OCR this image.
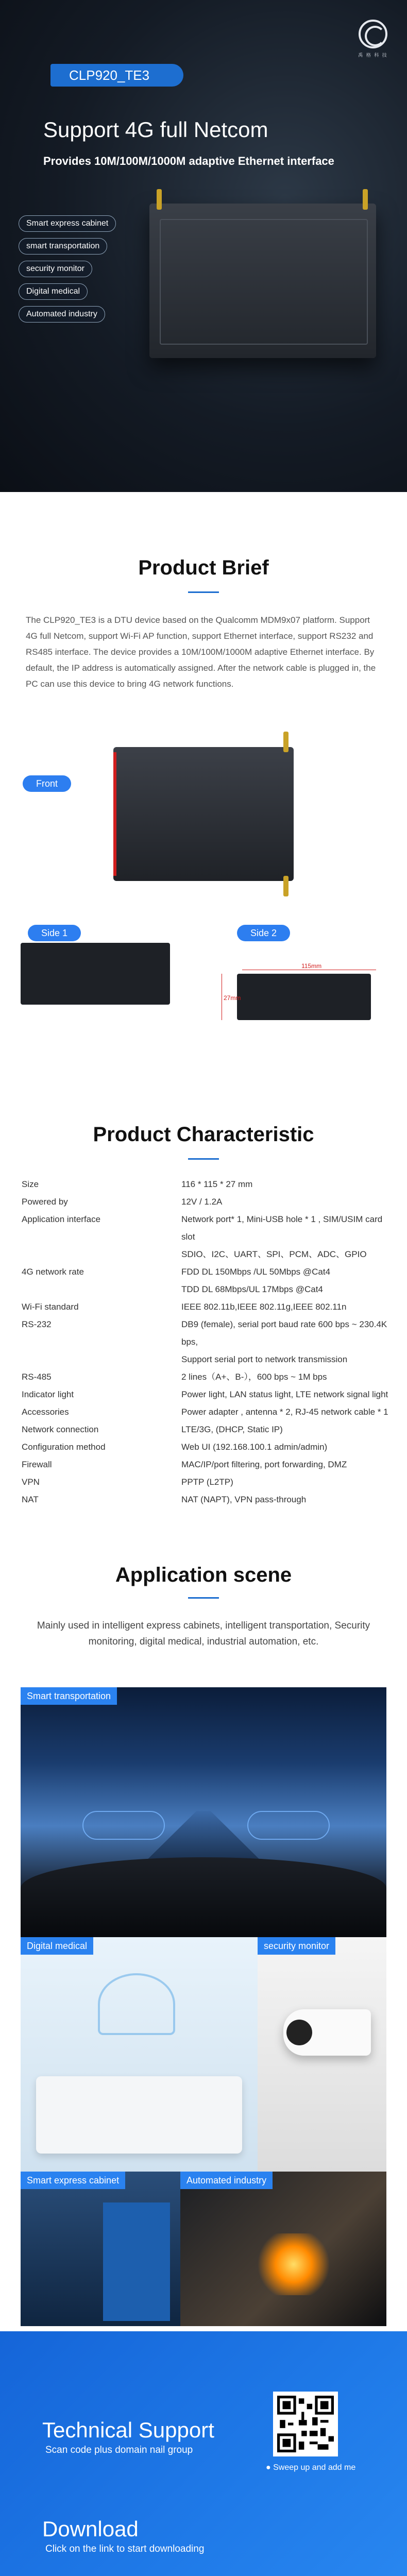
禹 格 科 技
CLP920_TE3
Support 4G full Netcom
Provides 10M/100M/1000M adaptive Ethernet interface
Smart express cabinet
smart transportation
security monitor
Digital medical
Automated industry
Product Brief

The CLP920_TE3 is a DTU device based on the Qualcomm MDM9x07 platform. Support 4G full Netcom, support Wi-Fi AP function, support Ethernet interface, support RS232 and RS485 interface. The device provides a 10M/100M/1000M adaptive Ethernet interface. By default, the IP address is automatically assigned. After the network cable is plugged in, the PC can use this device to bring 4G network functions.

Front
Side 1	Side 2
115mm
27mm
Product Characteristic
Size	116 * 115 * 27 mm
Powered by	12V / 1.2A
Application interface	Network port* 1, Mini-USB hole * 1 , SIM/USIM card slot
SDIO、I2C、UART、SPI、PCM、ADC、GPIO
4G network rate	FDD DL 150Mbps /UL 50Mbps @Cat4
TDD DL 68Mbps/UL 17Mbps @Cat4
Wi-Fi standard	IEEE 802.11b,IEEE 802.11g,IEEE 802.11n
RS-232	DB9 (female), serial port baud rate 600 bps ~ 230.4K bps,
Support serial port to network transmission
RS-485	2 lines（A+、B-），600 bps ~ 1M bps
Indicator light	Power light, LAN status light, LTE network signal light
Accessories	Power adapter , antenna * 2, RJ-45 network cable * 1
Network connection	LTE/3G, (DHCP, Static IP)
Configuration method	Web UI (192.168.100.1 admin/admin)
Firewall	MAC/IP/port filtering, port forwarding, DMZ
VPN	PPTP (L2TP)
NAT	NAT (NAPT), VPN pass-through
Application scene

Mainly used in intelligent express cabinets, intelligent transportation, Security monitoring, digital medical, industrial automation, etc.

Smart transportation
Digital medical	security monitor
Smart express cabinet	Automated industry
Technical Support
Scan code plus domain nail group
● Sweep up and add me
Download
Click on the link to start downloading
